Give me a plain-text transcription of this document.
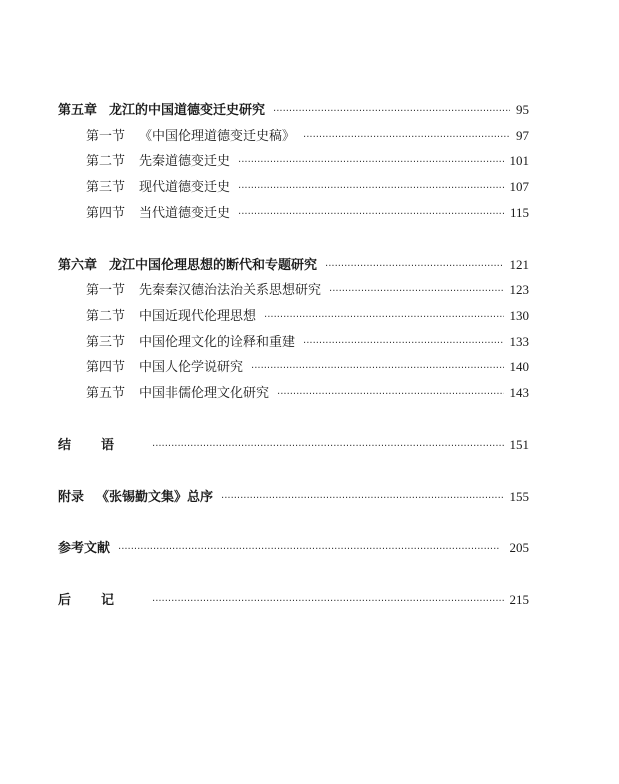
第五章 龙江的中国道德变迁史研究 ·····	95
第一节 《中国伦理道德变迁史稿》 ·····	97
第二节 先秦道德变迁史 ·····	101
第三节 现代道德变迁史 ·····	107
第四节 当代道德变迁史 ·····	115
第六章 龙江中国伦理思想的断代和专题研究 ·····	121
第一节 先秦秦汉德治法治关系思想研究 ·····	123
第二节 中国近现代伦理思想 ·····	130
第三节 中国伦理文化的诠释和重建 ·····	133
第四节 中国人伦学说研究 ·····	140
第五节 中国非儒伦理文化研究 ·····	143
结语 ·····	151
附录 《张锡勤文集》总序 ·····	155
参考文献 ·····	205
后记 ·····	215
